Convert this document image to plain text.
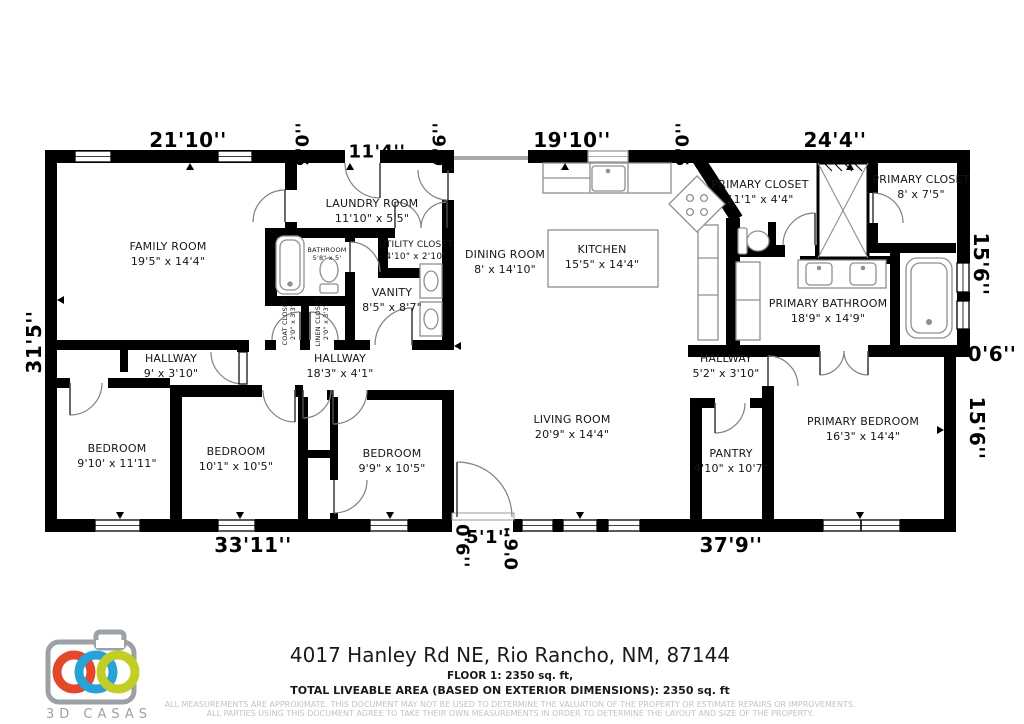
FAMILY ROOM
19'5" x 14'4"
LAUNDRY ROOM
11'10" x 5'5"
BATHROOM
5'8" x 5'
UTILITY CLOSET
4'10" x 2'10"
VANITY
8'5" x 8'7"
DINING ROOM
8' x 14'10"
KITCHEN
15'5" x 14'4"
PRIMARY CLOSET
11'1" x 4'4"
PRIMARY CLOSET
8' x 7'5"
PRIMARY BATHROOM
18'9" x 14'9"
COAT CLOSET 2'0" x 3'3"	LINEN CLOSET 2'0" x 3'3"
HALLWAY
9' x 3'10"
HALLWAY
18'3" x 4'1"
HALLWAY
5'2" x 3'10"
BEDROOM
9'10' x 11'11"
BEDROOM
10'1" x 10'5"
BEDROOM
9'9" x 10'5"
LIVING ROOM
20'9" x 14'4"
PANTRY
4'10" x 10'7"
PRIMARY BEDROOM
16'3" x 14'4"
21'10''	9'0'' 11'4'' 0'6''	19'10''	9'0''	24'4''
31'5''
15'6''
0'6''
15'6''
33'11''	0'6''
5'1''
0'6''	37'9''
3D CASAS
4017 Hanley Rd NE, Rio Rancho, NM, 87144
FLOOR 1: 2350 sq. ft,
TOTAL LIVEABLE AREA (BASED ON EXTERIOR DIMENSIONS): 2350 sq. ft
ALL MEASUREMENTS ARE APPROXIMATE. THIS DOCUMENT MAY NOT BE USED TO DETERMINE THE VALUATION OF THE PROPERTY OR ESTIMATE REPAIRS OR IMPROVEMENTS.
ALL PARTIES USING THIS DOCUMENT AGREE TO TAKE THEIR OWN MEASUREMENTS IN ORDER TO DETERMINE THE LAYOUT AND SIZE OF THE PROPERTY.
